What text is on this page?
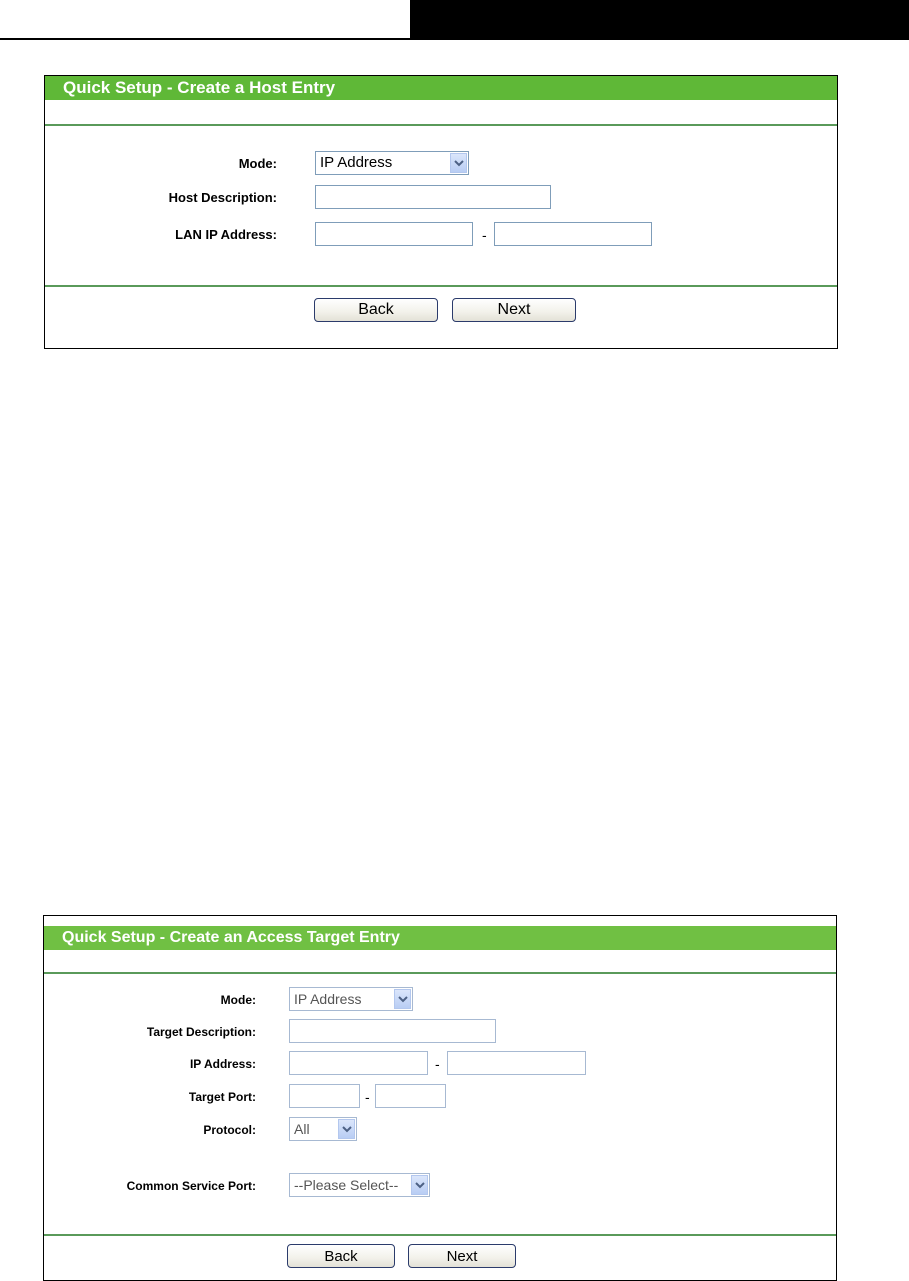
Quick Setup - Create a Host Entry
Mode:	IP Address
Host Description:
LAN IP Address:	-
Back	Next
Quick Setup - Create an Access Target Entry
Mode:	IP Address
Target Description:
IP Address:	-
Target Port:	-
Protocol:	All
Common Service Port:	--Please Select--
Back	Next
